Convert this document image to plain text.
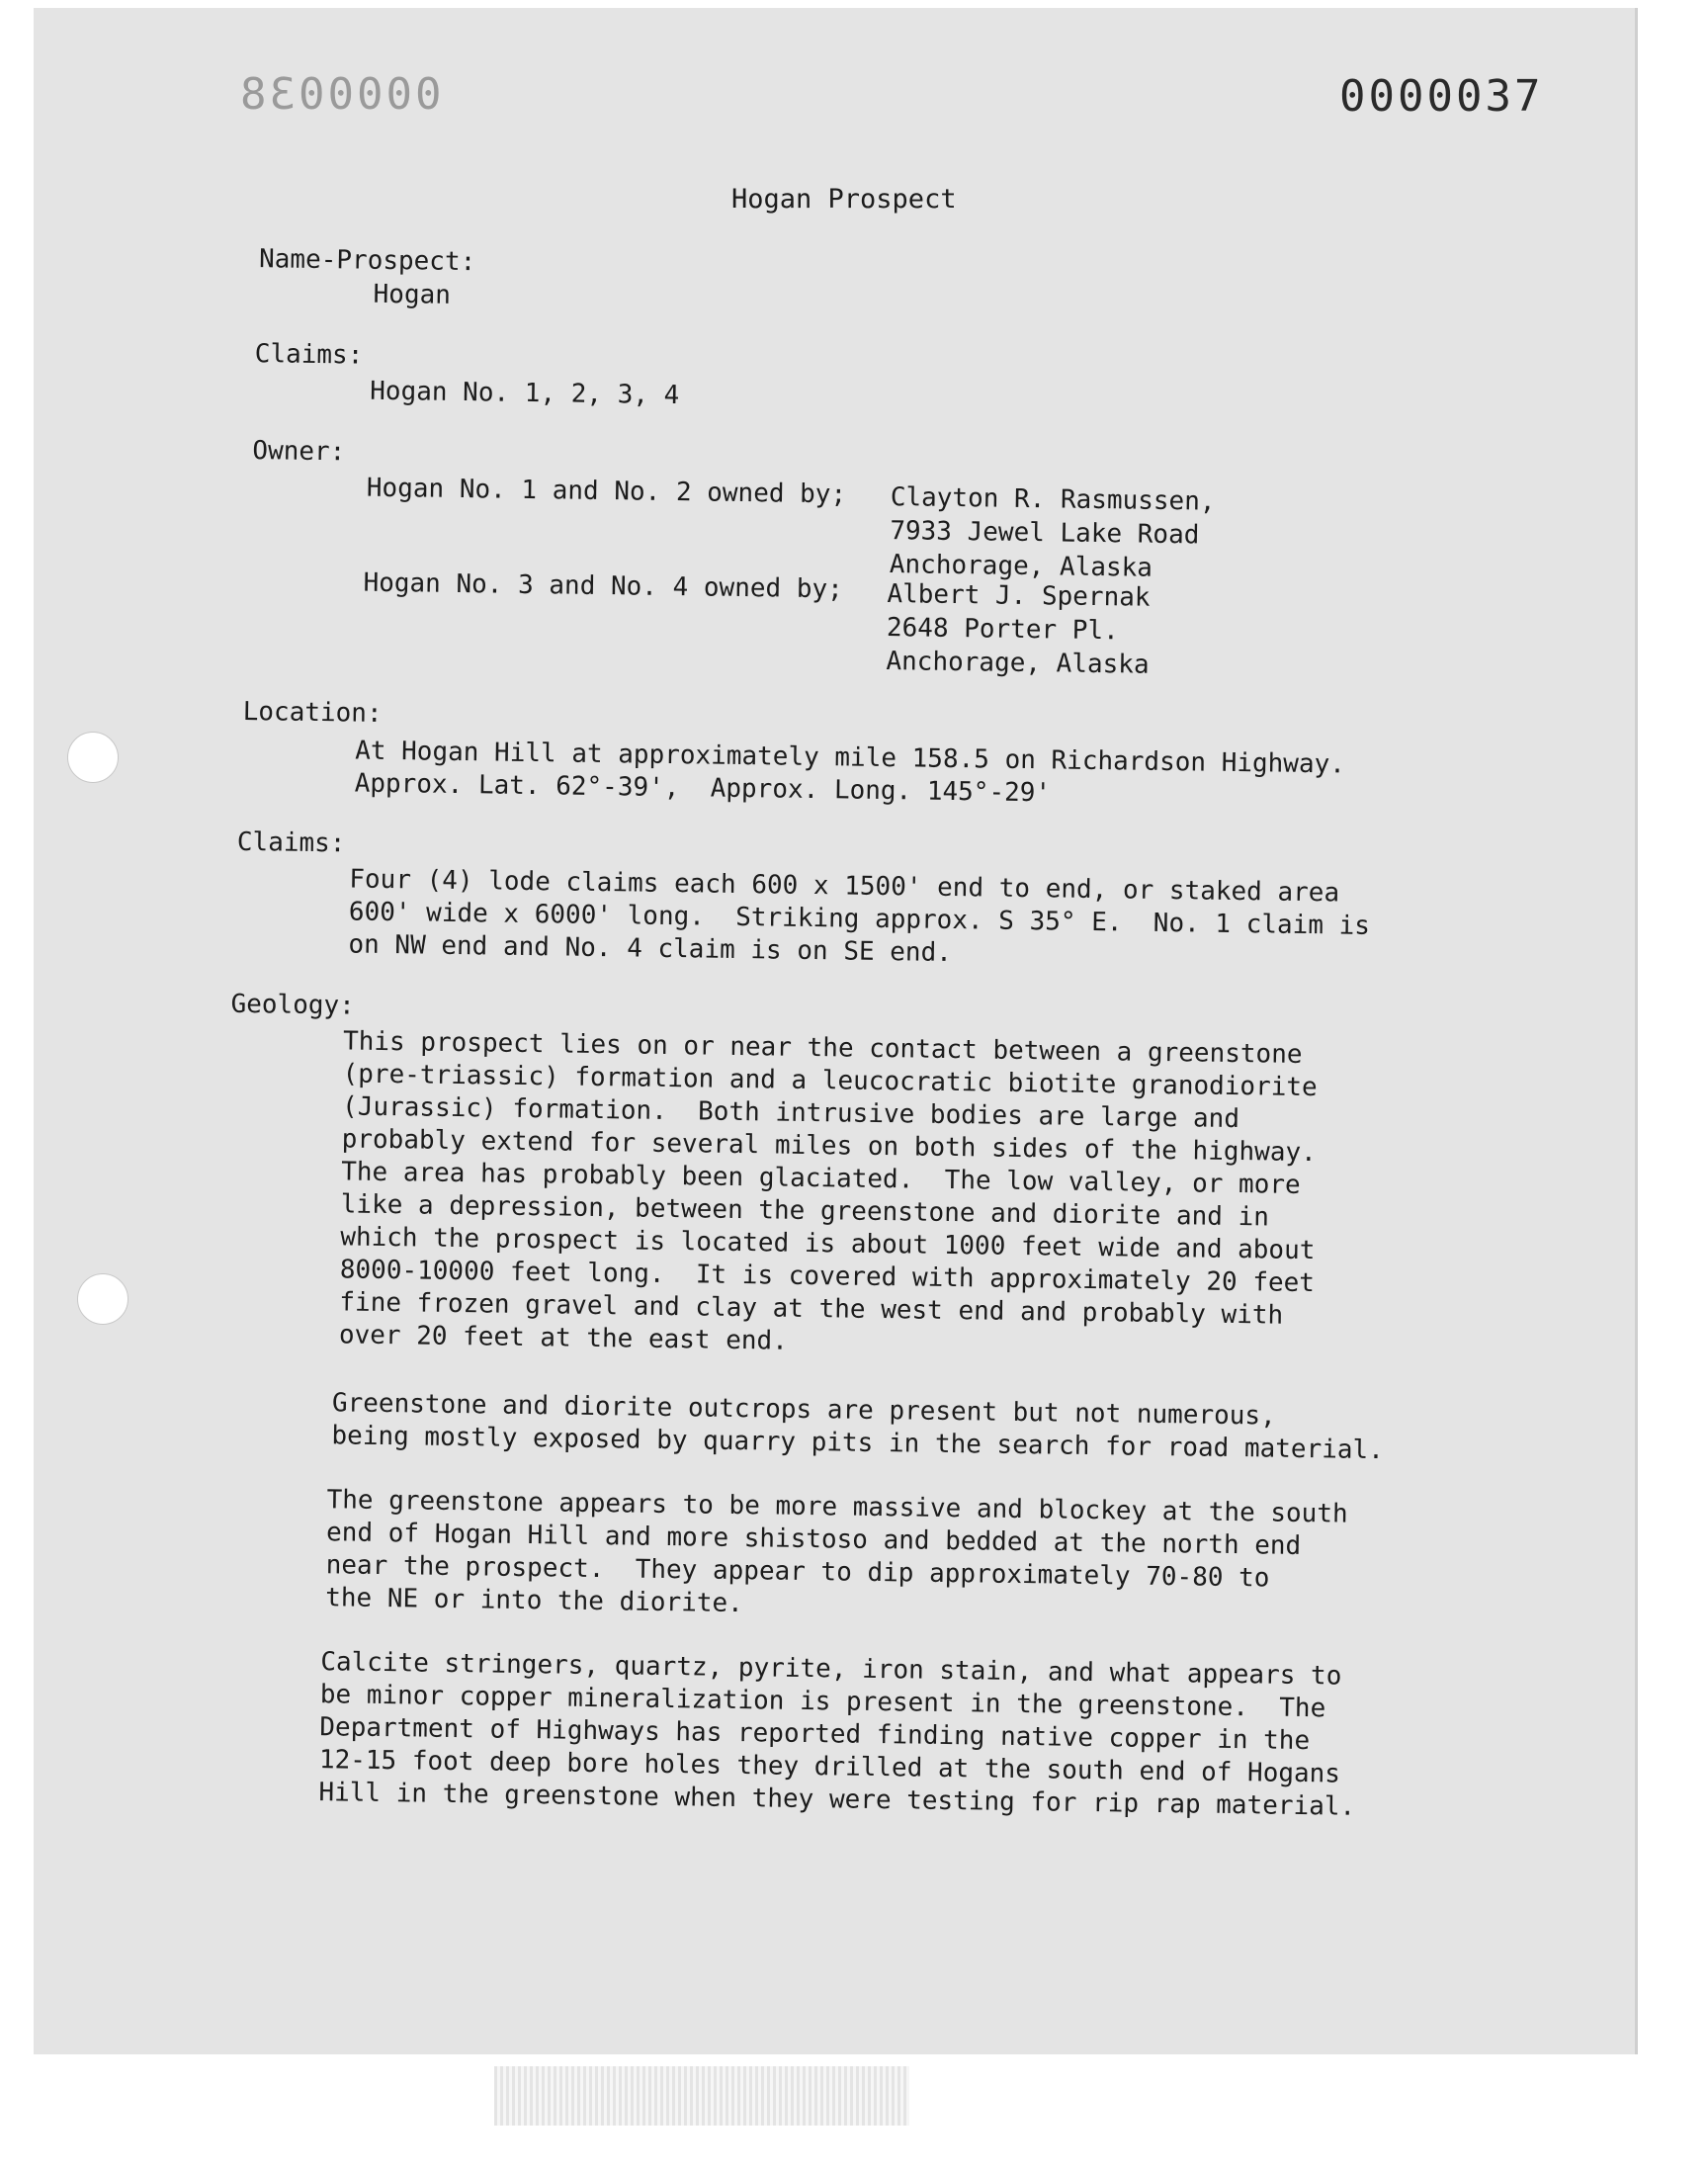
0000038	0000037
Hogan Prospect
Name-Prospect:
Hogan
Claims:
Hogan No. 1, 2, 3, 4
Owner:
Hogan No. 1 and No. 2 owned by; Clayton R. Rasmussen,
7933 Jewel Lake Road
Anchorage, Alaska
Hogan No. 3 and No. 4 owned by; Albert J. Spernak
2648 Porter Pl.
Anchorage, Alaska
Location:
At Hogan Hill at approximately mile 158.5 on Richardson Highway.
Approx. Lat. 62°-39',  Approx. Long. 145°-29'
Claims:
Four (4) lode claims each 600 x 1500' end to end, or staked area
600' wide x 6000' long.  Striking approx. S 35° E.  No. 1 claim is
on NW end and No. 4 claim is on SE end.
Geology:
This prospect lies on or near the contact between a greenstone
(pre-triassic) formation and a leucocratic biotite granodiorite
(Jurassic) formation.  Both intrusive bodies are large and
probably extend for several miles on both sides of the highway.
The area has probably been glaciated.  The low valley, or more
like a depression, between the greenstone and diorite and in
which the prospect is located is about 1000 feet wide and about
8000-10000 feet long.  It is covered with approximately 20 feet
fine frozen gravel and clay at the west end and probably with
over 20 feet at the east end.
Greenstone and diorite outcrops are present but not numerous,
being mostly exposed by quarry pits in the search for road material.
The greenstone appears to be more massive and blockey at the south
end of Hogan Hill and more shistoso and bedded at the north end
near the prospect.  They appear to dip approximately 70-80 to
the NE or into the diorite.
Calcite stringers, quartz, pyrite, iron stain, and what appears to
be minor copper mineralization is present in the greenstone.  The
Department of Highways has reported finding native copper in the
12-15 foot deep bore holes they drilled at the south end of Hogans
Hill in the greenstone when they were testing for rip rap material.
